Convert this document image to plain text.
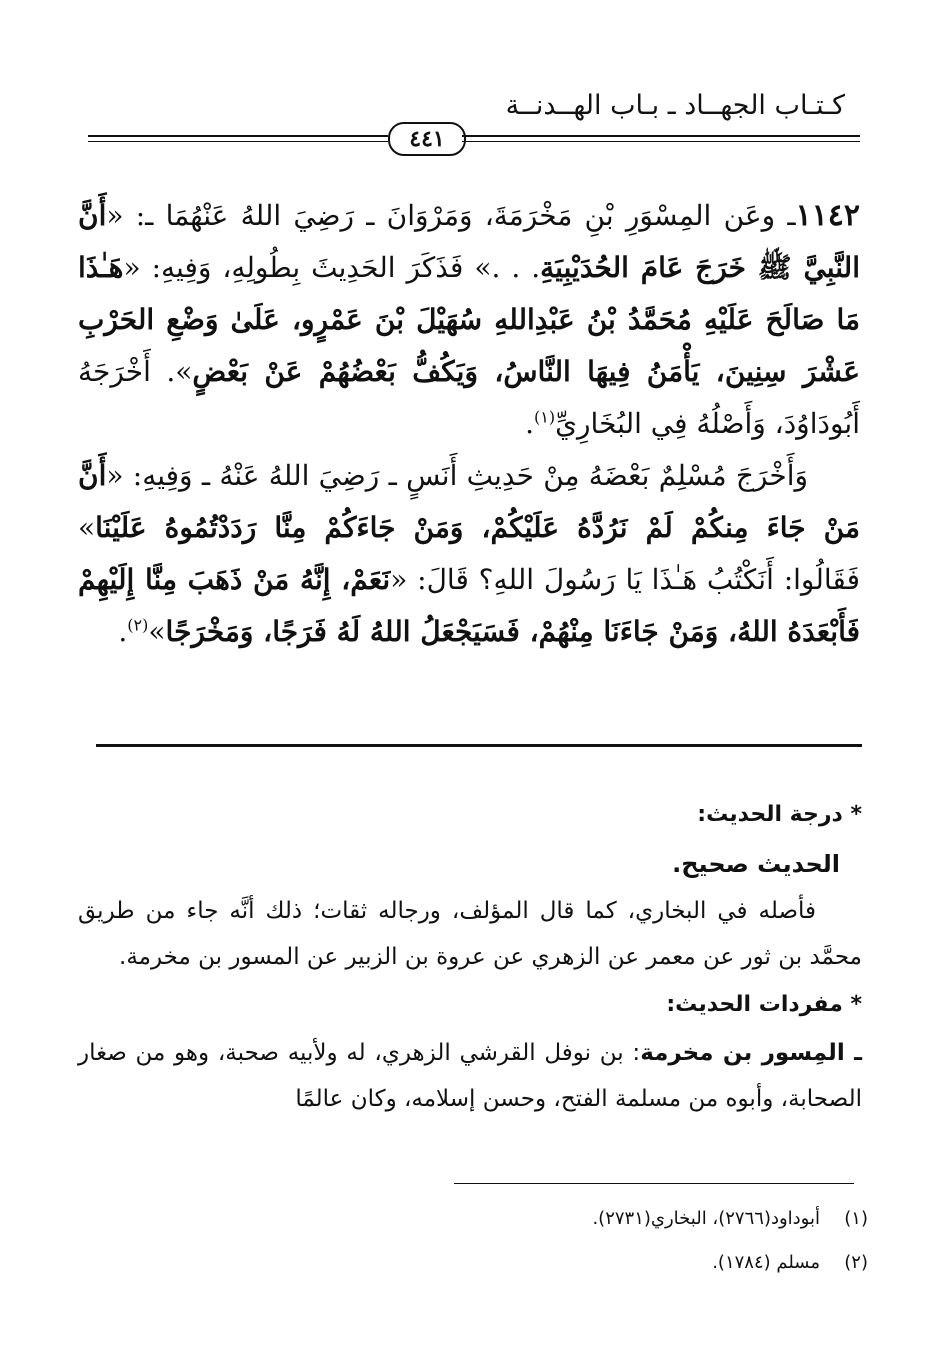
كـتـاب الجهــاد ـ بـاب الهــدنــة
٤٤١

١١٤٢ـ وعَن المِسْوَرِ بْنِ مَخْرَمَةَ، وَمَرْوَانَ ـ رَضِيَ اللهُ عَنْهُمَا ـ: «أَنَّ النَّبِيَّ ﷺ خَرَجَ عَامَ الحُدَيْبِيَةِ. . .» فَذَكَرَ الحَدِيثَ بِطُولِهِ، وَفِيهِ: «هَـٰذَا مَا صَالَحَ عَلَيْهِ مُحَمَّدُ بْنُ عَبْدِاللهِ سُهَيْلَ بْنَ عَمْرٍو، عَلَىٰ وَضْعِ الحَرْبِ عَشْرَ سِنِينَ، يَأْمَنُ فِيهَا النَّاسُ، وَيَكُفُّ بَعْضُهُمْ عَنْ بَعْضٍ». أَخْرَجَهُ أَبُودَاوُدَ، وَأَصْلُهُ فِي البُخَارِيِّ$^{(١)}$.

وَأَخْرَجَ مُسْلِمٌ بَعْضَهُ مِنْ حَدِيثِ أَنَسٍ ـ رَضِيَ اللهُ عَنْهُ ـ وَفِيهِ: «أَنَّ مَنْ جَاءَ مِنكُمْ لَمْ نَرُدَّهُ عَلَيْكُمْ، وَمَنْ جَاءَكُمْ مِنَّا رَدَدْتُمُوهُ عَلَيْنَا» فَقَالُوا: أَنَكْتُبُ هَـٰذَا يَا رَسُولَ اللهِ؟ قَالَ: «نَعَمْ، إِنَّهُ مَنْ ذَهَبَ مِنَّا إِلَيْهِمْ فَأَبْعَدَهُ اللهُ، وَمَنْ جَاءَنَا مِنْهُمْ، فَسَيَجْعَلُ اللهُ لَهُ فَرَجًا، وَمَخْرَجًا»$^{(٢)}$.

* درجة الحديث:

الحديث صحيح.

فأصله في البخاري، كما قال المؤلف، ورجاله ثقات؛ ذلك أنَّه جاء من طريق محمَّد بن ثور عن معمر عن الزهري عن عروة بن الزبير عن المسور بن مخرمة.

* مفردات الحديث:

ـ المِسور بن مخرمة: بن نوفل القرشي الزهري، له ولأبيه صحبة، وهو من صغار الصحابة، وأبوه من مسلمة الفتح، وحسن إسلامه، وكان عالمًا

(١)
أبوداود(٢٧٦٦)، البخاري(٢٧٣١).
(٢)
مسلم (١٧٨٤).
